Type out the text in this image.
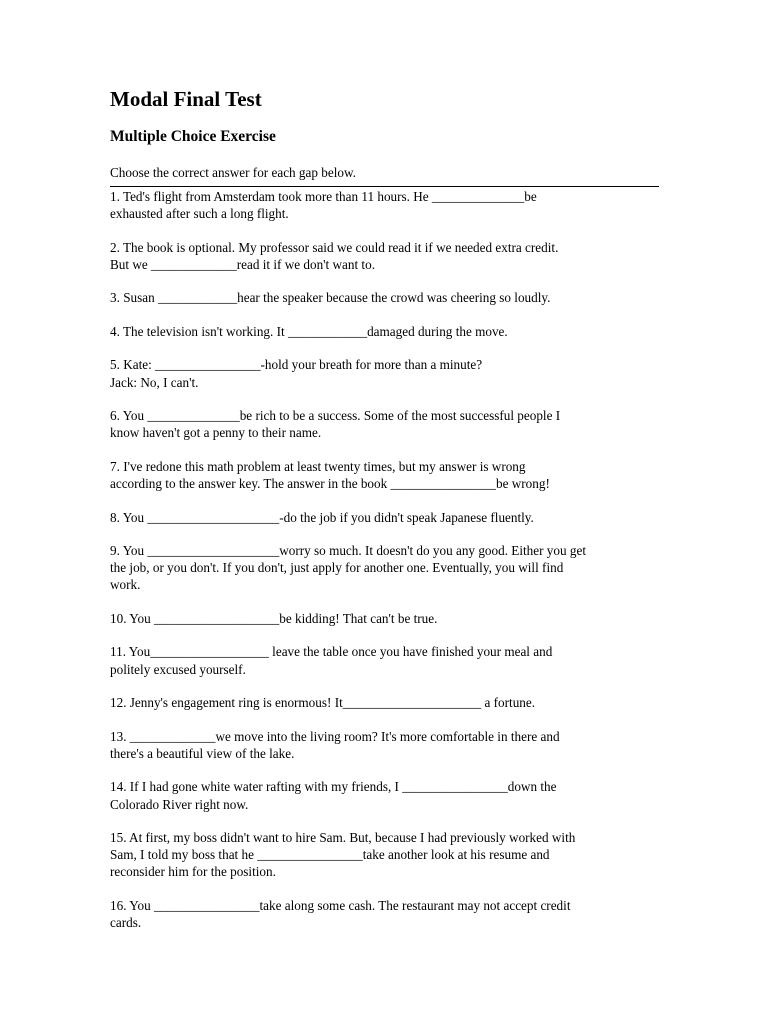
Modal Final Test
Multiple Choice Exercise

Choose the correct answer for each gap below.

1. Ted's flight from Amsterdam took more than 11 hours. He ______________be
exhausted after such a long flight.
2. The book is optional. My professor said we could read it if we needed extra credit.
But we _____________read it if we don't want to.
3. Susan ____________hear the speaker because the crowd was cheering so loudly.
4. The television isn't working. It ____________damaged during the move.
5. Kate: ________________-hold your breath for more than a minute?
Jack: No, I can't.
6. You ______________be rich to be a success. Some of the most successful people I
know haven't got a penny to their name.
7. I've redone this math problem at least twenty times, but my answer is wrong
according to the answer key. The answer in the book ________________be wrong!
8. You ____________________-do the job if you didn't speak Japanese fluently.
9. You ____________________worry so much. It doesn't do you any good. Either you get
the job, or you don't. If you don't, just apply for another one. Eventually, you will find
work.
10. You ___________________be kidding! That can't be true.
11. You__________________ leave the table once you have finished your meal and
politely excused yourself.
12. Jenny's engagement ring is enormous! It_____________________ a fortune.
13. _____________we move into the living room? It's more comfortable in there and
there's a beautiful view of the lake.
14. If I had gone white water rafting with my friends, I ________________down the
Colorado River right now.
15. At first, my boss didn't want to hire Sam. But, because I had previously worked with
Sam, I told my boss that he ________________take another look at his resume and
reconsider him for the position.
16. You ________________take along some cash. The restaurant may not accept credit
cards.
